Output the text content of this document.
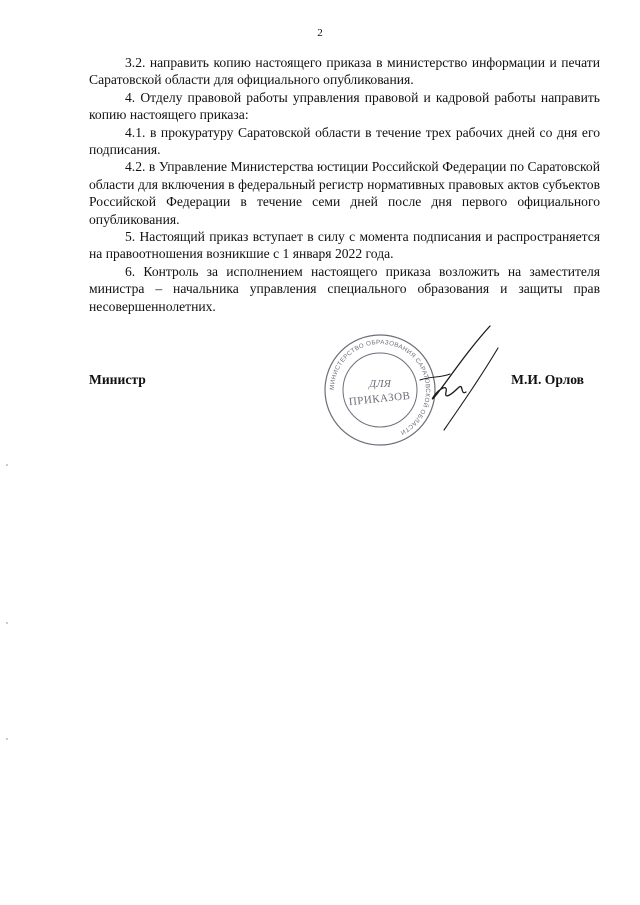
2

3.2. направить копию настоящего приказа в министерство информации и печати Саратовской области для официального опубликования.

4. Отделу правовой работы управления правовой и кадровой работы направить копию настоящего приказа:

4.1. в прокуратуру Саратовской области в течение трех рабочих дней со дня его подписания.

4.2. в Управление Министерства юстиции Российской Федерации по Саратовской области для включения в федеральный регистр нормативных правовых актов субъектов Российской Федерации в течение семи дней после дня первого официального опубликования.

5. Настоящий приказ вступает в силу с момента подписания и распространяется на правоотношения возникшие с 1 января 2022 года.

6. Контроль за исполнением настоящего приказа возложить на заместителя министра – начальника управления специального образования и защиты прав несовершеннолетних.

Министр	М.И. Орлов
МИНИСТЕРСТВО ОБРАЗОВАНИЯ САРАТОВСКОЙ ОБЛАСТИ
ДЛЯ
ПРИКАЗОВ
